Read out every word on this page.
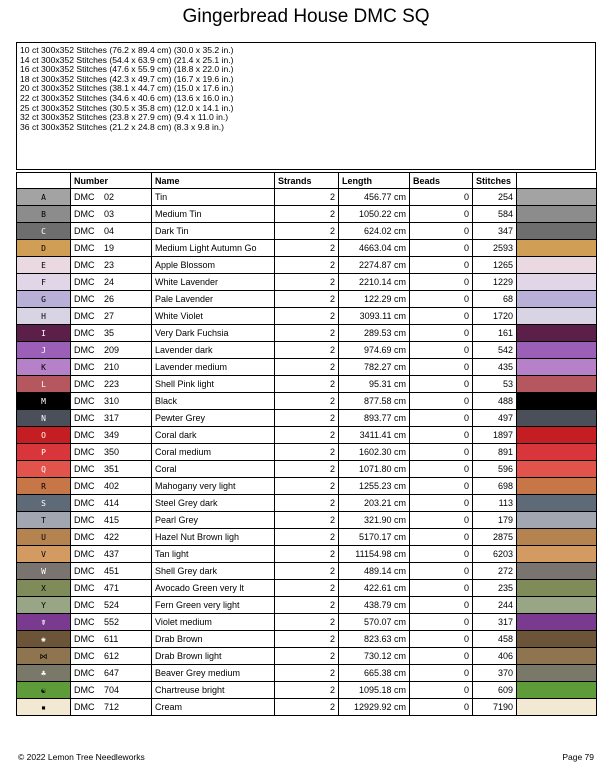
Gingerbread House DMC SQ
10 ct 300x352 Stitches (76.2 x 89.4 cm) (30.0 x 35.2 in.)
14 ct 300x352 Stitches (54.4 x 63.9 cm) (21.4 x 25.1 in.)
16 ct 300x352 Stitches (47.6 x 55.9 cm) (18.8 x 22.0 in.)
18 ct 300x352 Stitches (42.3 x 49.7 cm) (16.7 x 19.6 in.)
20 ct 300x352 Stitches (38.1 x 44.7 cm) (15.0 x 17.6 in.)
22 ct 300x352 Stitches (34.6 x 40.6 cm) (13.6 x 16.0 in.)
25 ct 300x352 Stitches (30.5 x 35.8 cm) (12.0 x 14.1 in.)
32 ct 300x352 Stitches (23.8 x 27.9 cm) (9.4 x 11.0 in.)
36 ct 300x352 Stitches (21.2 x 24.8 cm) (8.3 x 9.8 in.)
	Number	Name	Strands	Length	Beads	Stitches	

A	DMC 02	Tin	2	456.77 cm	0	254	

B	DMC 03	Medium Tin	2	1050.22 cm	0	584	

C	DMC 04	Dark Tin	2	624.02 cm	0	347	

D	DMC 19	Medium Light Autumn Go	2	4663.04 cm	0	2593	

E	DMC 23	Apple Blossom	2	2274.87 cm	0	1265	

F	DMC 24	White Lavender	2	2210.14 cm	0	1229	

G	DMC 26	Pale Lavender	2	122.29 cm	0	68	

H	DMC 27	White Violet	2	3093.11 cm	0	1720	

I	DMC 35	Very Dark Fuchsia	2	289.53 cm	0	161	

J	DMC 209	Lavender dark	2	974.69 cm	0	542	

K	DMC 210	Lavender medium	2	782.27 cm	0	435	

L	DMC 223	Shell Pink light	2	95.31 cm	0	53	

M	DMC 310	Black	2	877.58 cm	0	488	

N	DMC 317	Pewter Grey	2	893.77 cm	0	497	

O	DMC 349	Coral dark	2	3411.41 cm	0	1897	

P	DMC 350	Coral medium	2	1602.30 cm	0	891	

Q	DMC 351	Coral	2	1071.80 cm	0	596	

R	DMC 402	Mahogany very light	2	1255.23 cm	0	698	

S	DMC 414	Steel Grey dark	2	203.21 cm	0	113	

T	DMC 415	Pearl Grey	2	321.90 cm	0	179	

U	DMC 422	Hazel Nut Brown ligh	2	5170.17 cm	0	2875	

V	DMC 437	Tan light	2	11154.98 cm	0	6203	

W	DMC 451	Shell Grey dark	2	489.14 cm	0	272	

X	DMC 471	Avocado Green very lt	2	422.61 cm	0	235	

Y	DMC 524	Fern Green very light	2	438.79 cm	0	244	

☤	DMC 552	Violet medium	2	570.07 cm	0	317	

✺	DMC 611	Drab Brown	2	823.63 cm	0	458	

⋈	DMC 612	Drab Brown light	2	730.12 cm	0	406	

♣	DMC 647	Beaver Grey medium	2	665.38 cm	0	370	

☯	DMC 704	Chartreuse bright	2	1095.18 cm	0	609	

▪	DMC 712	Cream	2	12929.92 cm	0	7190	
© 2022 Lemon Tree Needleworks	Page 79
